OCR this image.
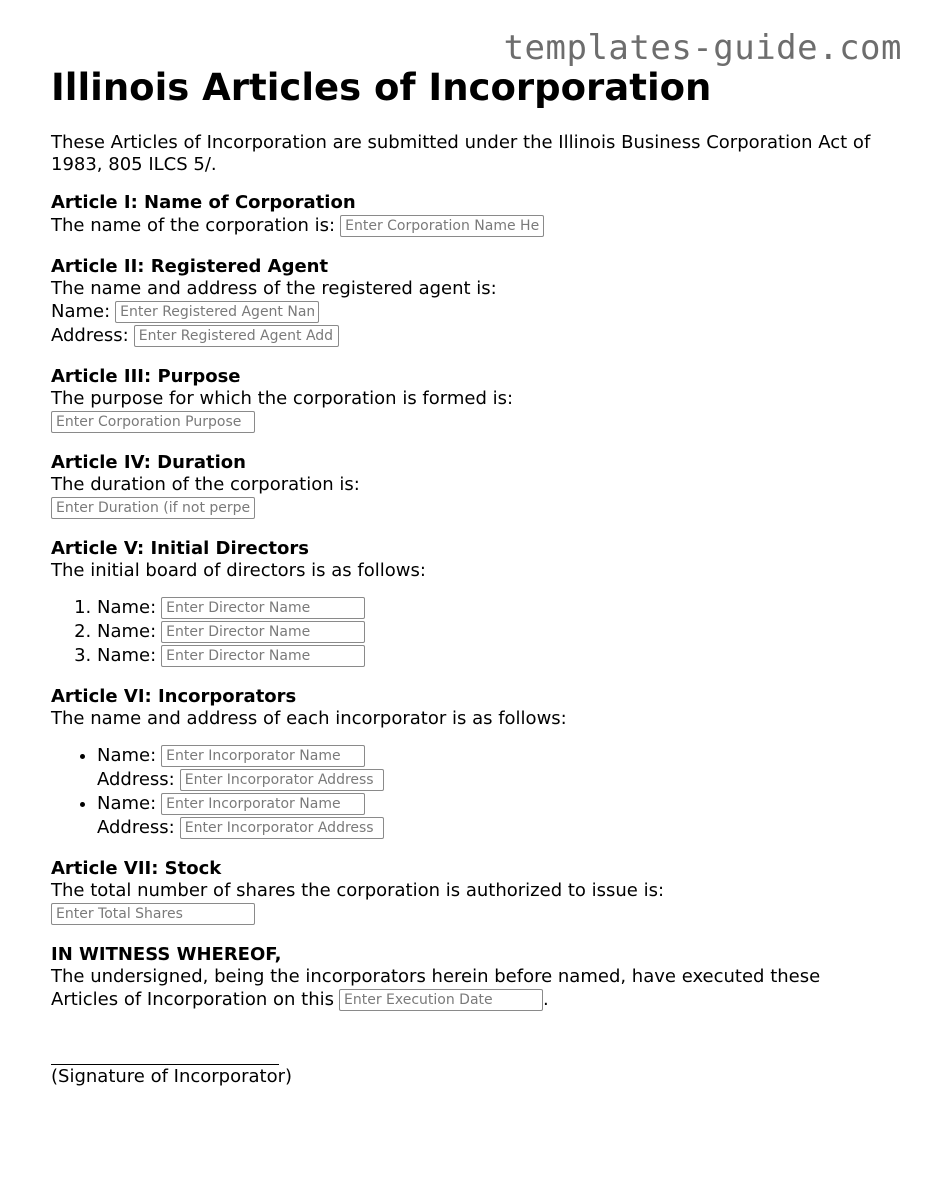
templates-guide.com
Illinois Articles of Incorporation

These Articles of Incorporation are submitted under the Illinois Business Corporation Act of 1983, 805 ILCS 5/.

Article I: Name of Corporation
The name of the corporation is:
Enter Corporation Name Here
Article II: Registered Agent
The name and address of the registered agent is:
Name:
Enter Registered Agent Name
Address:
Enter Registered Agent Address
Article III: Purpose
The purpose for which the corporation is formed is:
Enter Corporation Purpose
Article IV: Duration
The duration of the corporation is:
Enter Duration (if not perpetual)
Article V: Initial Directors
The initial board of directors is as follows:
1. Name:
Enter Director Name
2. Name:
Enter Director Name
3. Name:
Enter Director Name
Article VI: Incorporators
The name and address of each incorporator is as follows:
• Name:
Enter Incorporator Name
Address:
Enter Incorporator Address
• Name:
Enter Incorporator Name
Address:
Enter Incorporator Address
Article VII: Stock
The total number of shares the corporation is authorized to issue is:
Enter Total Shares
IN WITNESS WHEREOF,
The undersigned, being the incorporators herein before named, have executed these
Articles of Incorporation on this
Enter Execution Date	.
(Signature of Incorporator)
